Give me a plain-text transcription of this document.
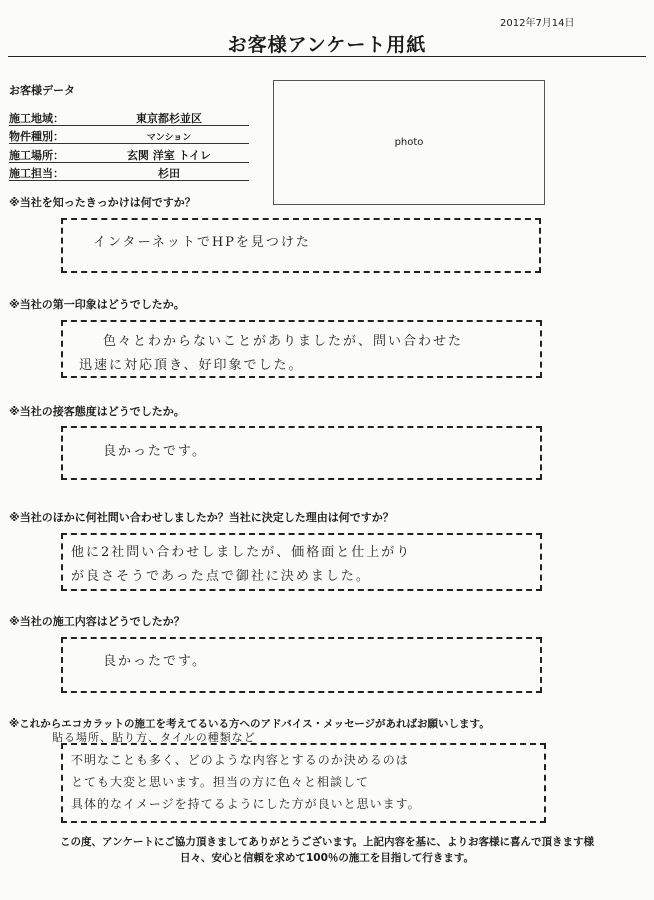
2012年7月14日
お客様アンケート用紙
お客様データ
施工地域：	東京都杉並区
物件種別：	マンション
施工場所：	玄関 洋室 トイレ
施工担当：	杉田
photo
※当社を知ったきっかけは何ですか？
インターネットでHPを見つけた
※当社の第一印象はどうでしたか。
色々とわからないことがありましたが、問い合わせた
迅速に対応頂き、好印象でした。
※当社の接客態度はどうでしたか。
良かったです。
※当社のほかに何社問い合わせしましたか？当社に決定した理由は何ですか？
他に2社問い合わせしましたが、価格面と仕上がり
が良さそうであった点で御社に決めました。
※当社の施工内容はどうでしたか？
良かったです。
※これからエコカラットの施工を考えてるいる方へのアドバイス・メッセージがあればお願いします。
貼る場所、貼り方、タイルの種類など
不明なことも多く、どのような内容とするのか決めるのは
とても大変と思います。担当の方に色々と相談して
具体的なイメージを持てるようにした方が良いと思います。
この度、アンケートにご協力頂きましてありがとうございます。上記内容を基に、よりお客様に喜んで頂きます様
日々、安心と信頼を求めて100％の施工を目指して行きます。
